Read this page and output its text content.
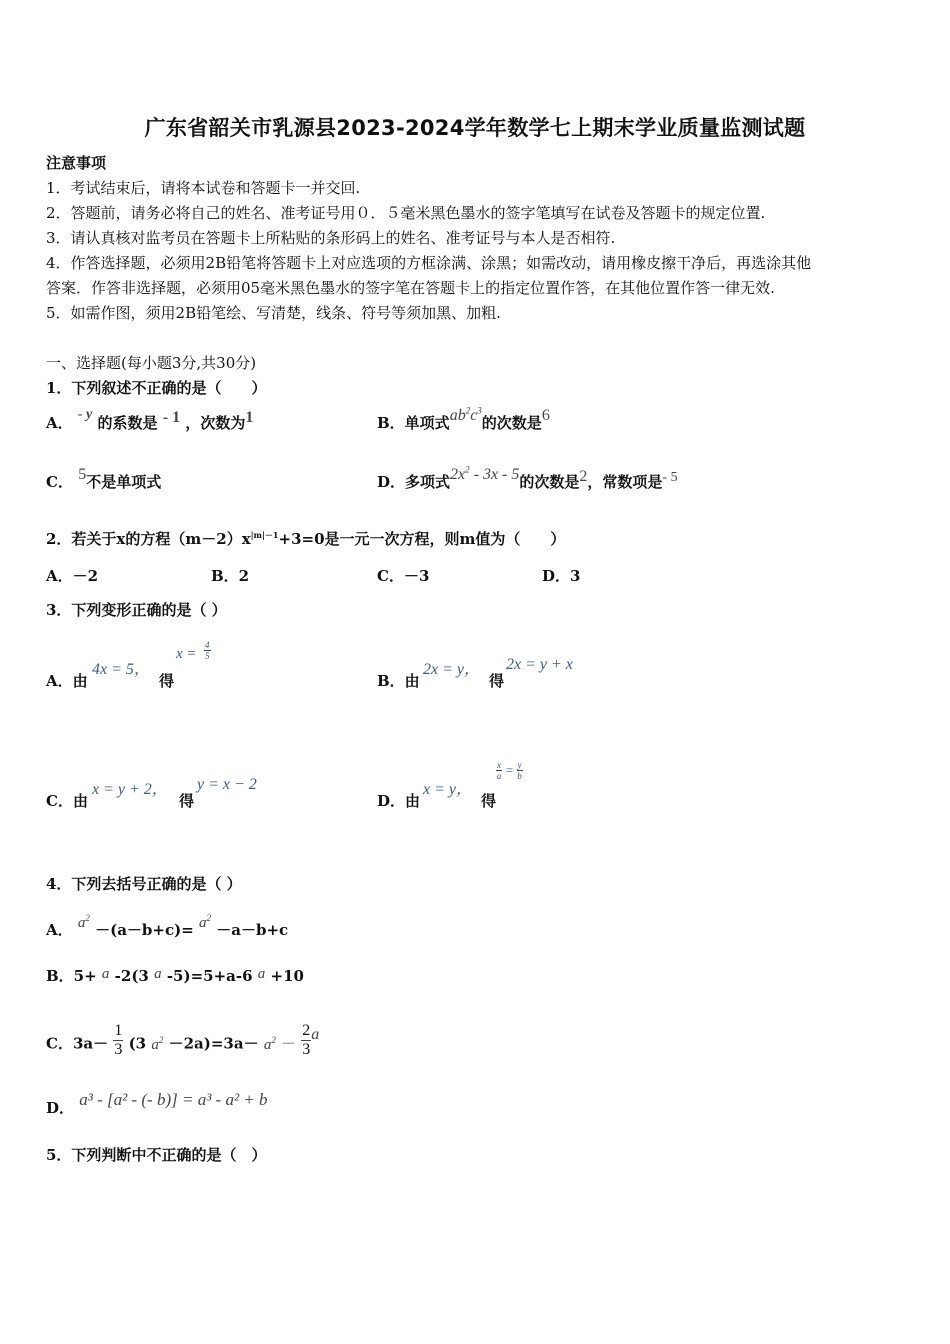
广东省韶关市乳源县2023-2024学年数学七上期末学业质量监测试题
注意事项
1．考试结束后，请将本试卷和答题卡一并交回.
2．答题前，请务必将自己的姓名、准考证号用０．５毫米黑色墨水的签字笔填写在试卷及答题卡的规定位置.
3．请认真核对监考员在答题卡上所粘贴的条形码上的姓名、准考证号与本人是否相符.
4．作答选择题，必须用2B铅笔将答题卡上对应选项的方框涂满、涂黑；如需改动，请用橡皮擦干净后，再选涂其他
答案．作答非选择题，必须用05毫米黑色墨水的签字笔在答题卡上的指定位置作答，在其他位置作答一律无效.
5．如需作图，须用2B铅笔绘、写清楚，线条、符号等须加黑、加粗.
一、选择题(每小题3分,共30分)
1．下列叙述不正确的是（　　）
A． - y 的系数是 - 1 ，次数为1	B．单项式$ab^2c^3$的次数是6
C． 5不是单项式	D．多项式$2x^2 - 3x - 5$的次数是2，常数项是- 5
2．若关于x的方程$(m-2)x^{|m|-1}+3=0$是一元一次方程，则m值为（　　）
A．－2	B．2	C．－3	D．3
3．下列变形正确的是（ ）
A．由
4x = 5，
得
$x = \frac{4}{5}$
B．由
2x = y，
得
2x = y + x
C．由
x = y + 2，
得
y = x − 2
D．由
x = y，
得
$\frac{x}{a} = \frac{y}{b}$
4．下列去括号正确的是（ ）
A． $a^2 -(a-b+c)= a^2 -a-b+c$
B．5+ a -2(3 a -5)=5+a-6 a +10
C．$3a- \frac{1}{3} (3$ $a^2 -2a)=3a- a^2 - \frac{2}{3}$ a
D． a³ - [a² - (- b)] = a³ - a² + b
5．下列判断中不正确的是（　）
